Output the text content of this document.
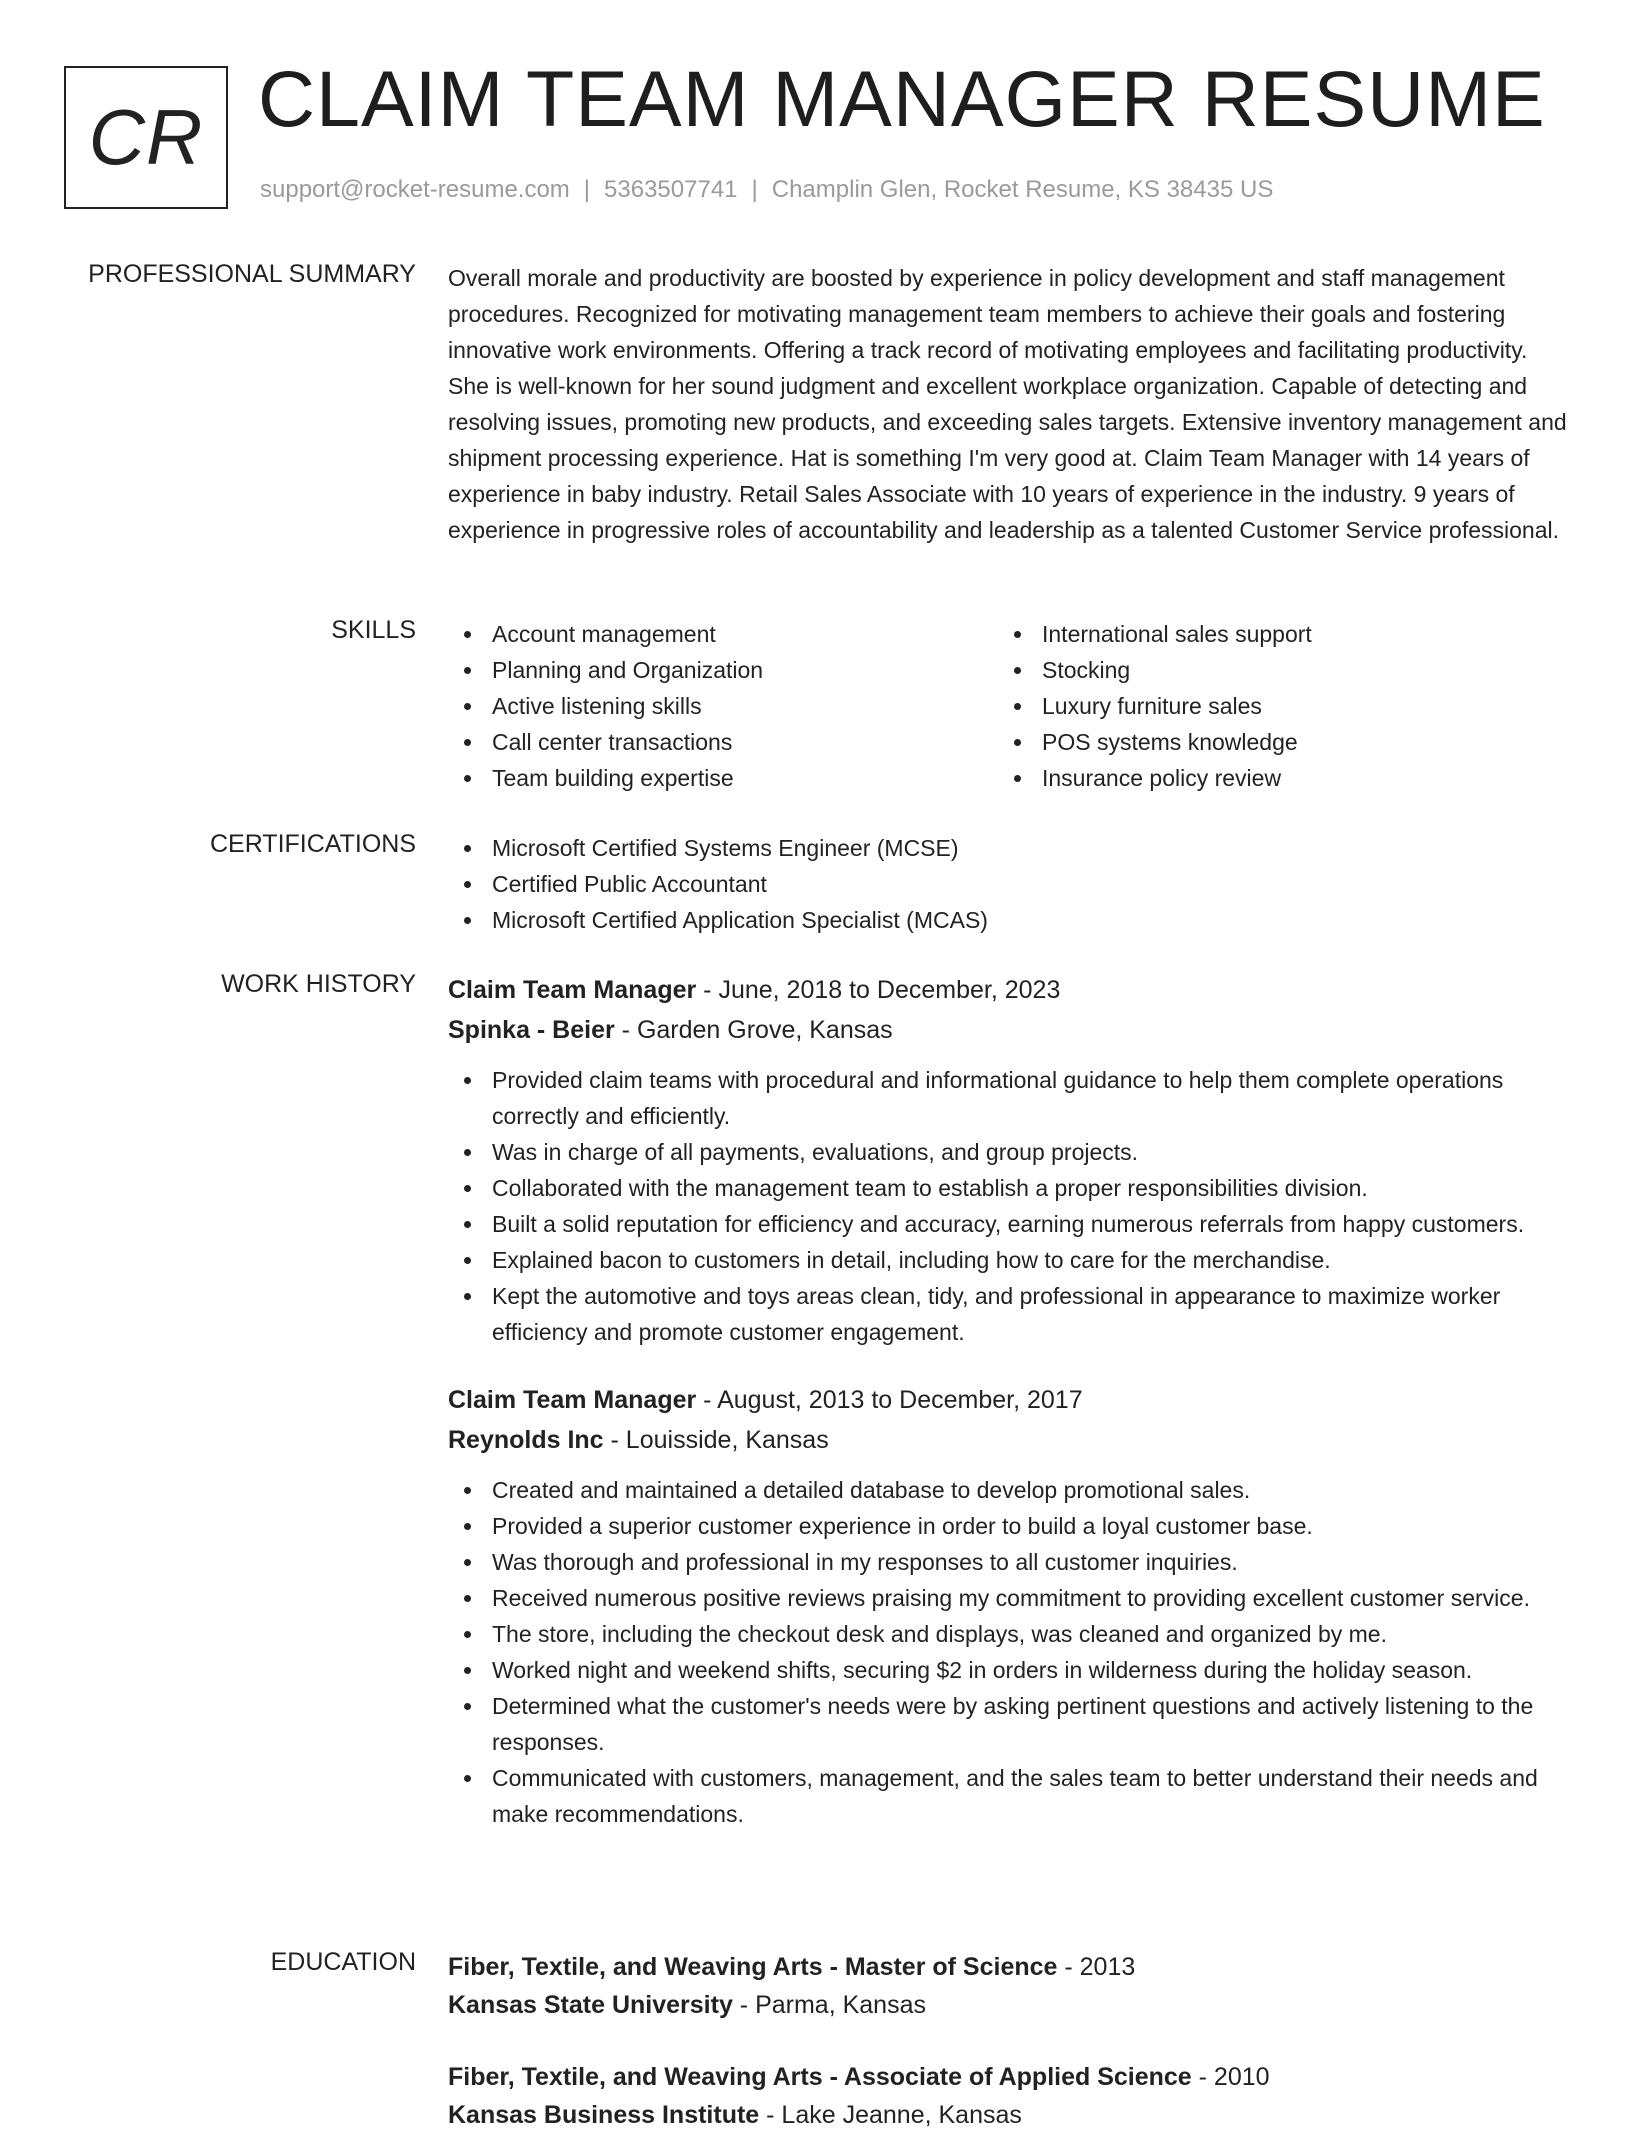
CR CLAIM TEAM MANAGER RESUME
support@rocket-resume.com | 5363507741 | Champlin Glen, Rocket Resume, KS 38435 US
PROFESSIONAL SUMMARY Overall morale and productivity are boosted by experience in policy development and staff management procedures. Recognized for motivating management team members to achieve their goals and fostering innovative work environments. Offering a track record of motivating employees and facilitating productivity. She is well-known for her sound judgment and excellent workplace organization. Capable of detecting and resolving issues, promoting new products, and exceeding sales targets. Extensive inventory management and shipment processing experience. Hat is something I'm very good at. Claim Team Manager with 14 years of experience in baby industry. Retail Sales Associate with 10 years of experience in the industry. 9 years of experience in progressive roles of accountability and leadership as a talented Customer Service professional.
SKILLS	Account management
Planning and Organization
Active listening skills
Call center transactions
Team building expertise
International sales support
Stocking
Luxury furniture sales
POS systems knowledge
Insurance policy review
CERTIFICATIONS	Microsoft Certified Systems Engineer (MCSE)
Certified Public Accountant
Microsoft Certified Application Specialist (MCAS)
WORK HISTORY Claim Team Manager - June, 2018 to December, 2023
Spinka - Beier - Garden Grove, Kansas
Provided claim teams with procedural and informational guidance to help them complete operations correctly and efficiently.
Was in charge of all payments, evaluations, and group projects.
Collaborated with the management team to establish a proper responsibilities division.
Built a solid reputation for efficiency and accuracy, earning numerous referrals from happy customers.
Explained bacon to customers in detail, including how to care for the merchandise.
Kept the automotive and toys areas clean, tidy, and professional in appearance to maximize worker efficiency and promote customer engagement.
Claim Team Manager - August, 2013 to December, 2017
Reynolds Inc - Louisside, Kansas
Created and maintained a detailed database to develop promotional sales.
Provided a superior customer experience in order to build a loyal customer base.
Was thorough and professional in my responses to all customer inquiries.
Received numerous positive reviews praising my commitment to providing excellent customer service.
The store, including the checkout desk and displays, was cleaned and organized by me.
Worked night and weekend shifts, securing $2 in orders in wilderness during the holiday season.
Determined what the customer's needs were by asking pertinent questions and actively listening to the responses.
Communicated with customers, management, and the sales team to better understand their needs and make recommendations.
EDUCATION Fiber, Textile, and Weaving Arts - Master of Science - 2013
Kansas State University - Parma, Kansas
Fiber, Textile, and Weaving Arts - Associate of Applied Science - 2010
Kansas Business Institute - Lake Jeanne, Kansas
